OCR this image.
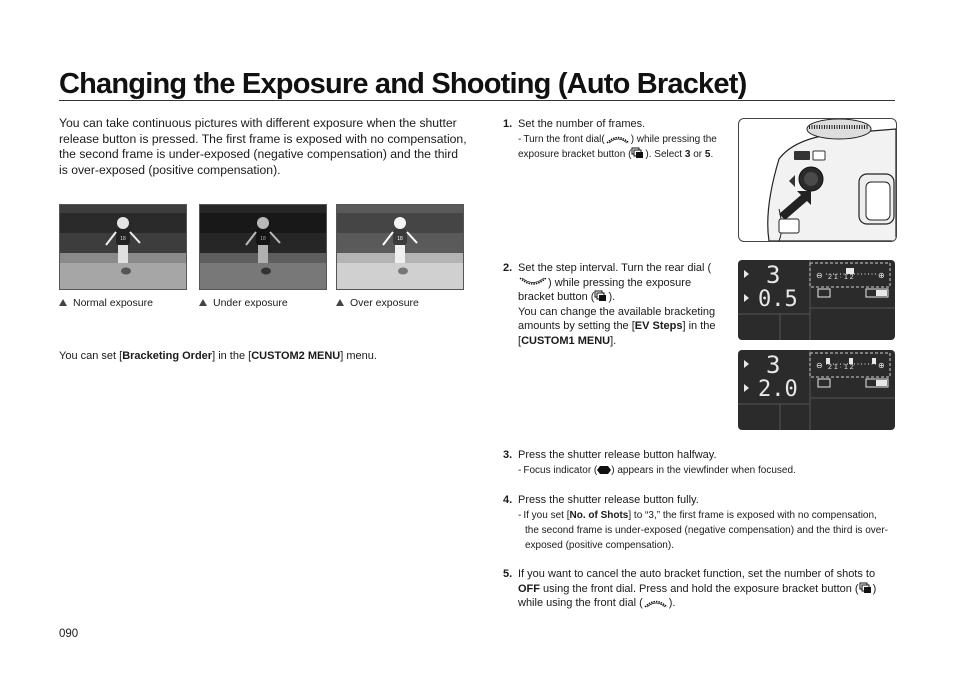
Changing the Exposure and Shooting (Auto Bracket)
You can take continuous pictures with different exposure when the shutter release button is pressed. The first frame is exposed with no compensation, the second frame is under-exposed (negative compensation) and the third is over-exposed (positive compensation).
18	18	18
Normal exposure	Under exposure	Over exposure
You can set [Bracketing Order] in the [CUSTOM2 MENU] menu.
1. Set the number of frames.
- Turn the front dial(	) while pressing the exposure bracket button ( ). Select 3 or 5.
2. Set the step interval. Turn the rear dial () while pressing the exposure bracket button ( ).
You can change the available bracketing amounts by setting the [EV Steps] in the [CUSTOM1 MENU].
⊖	⊕
3
0.5
2 1 · 1 2
⊖	⊕
3
2.0
2 1 · 1 2
3. Press the shutter release button halfway.
- Focus indicator ( ) appears in the viewfinder when focused.
4. Press the shutter release button fully.
- If you set [No. of Shots] to “3,” the first frame is exposed with no compensation, the second frame is under-exposed (negative compensation) and the third is over-exposed (positive compensation).
5. If you want to cancel the auto bracket function, set the number of shots to OFF using the front dial. Press and hold the exposure bracket button ( ) while using the front dial ( ).
090
